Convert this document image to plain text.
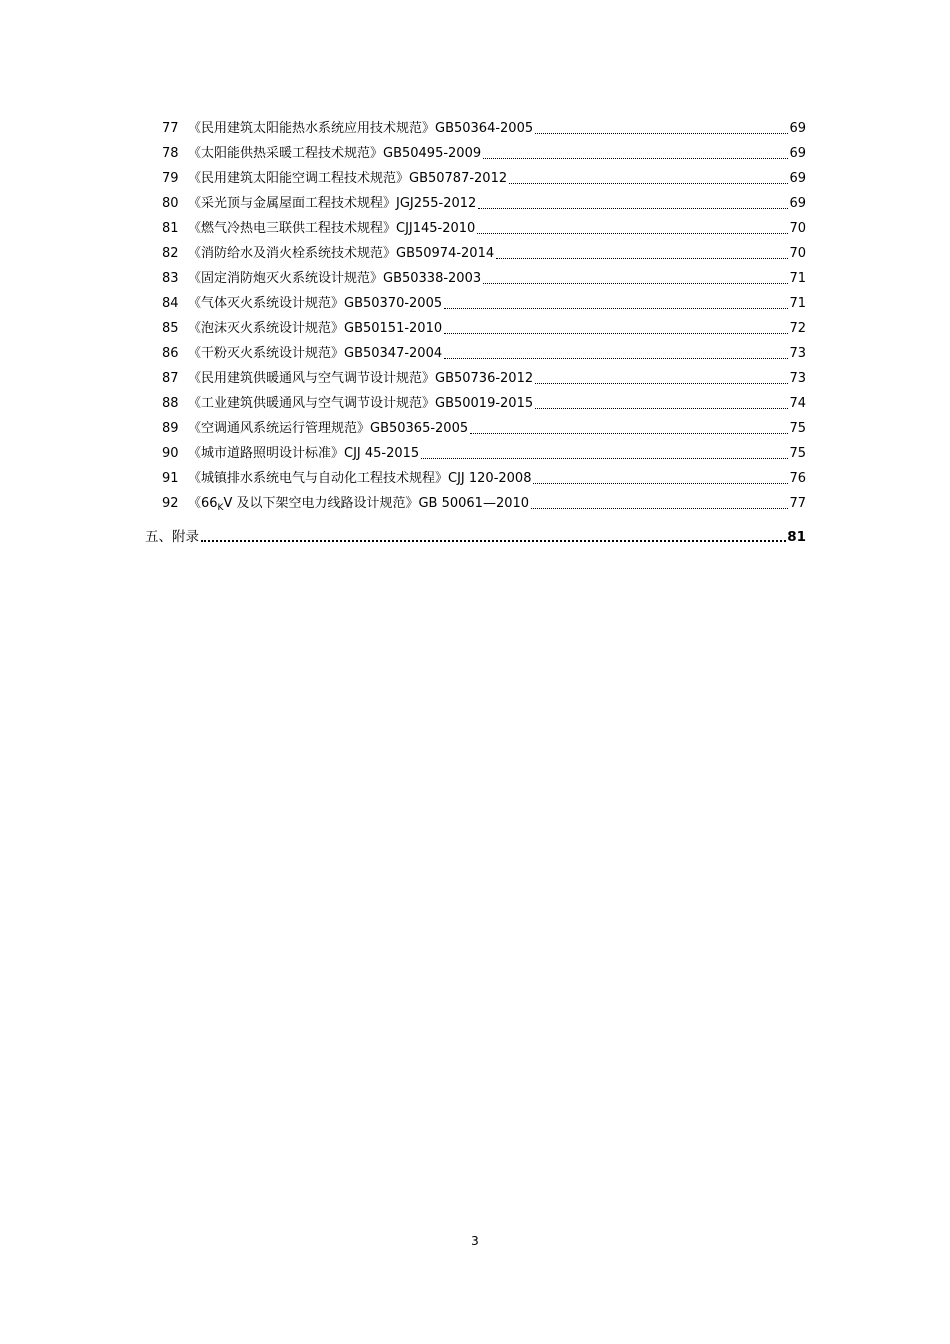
77 《民用建筑太阳能热水系统应用技术规范》GB50364-2005	69
78 《太阳能供热采暖工程技术规范》GB50495-2009	69
79 《民用建筑太阳能空调工程技术规范》GB50787-2012	69
80 《采光顶与金属屋面工程技术规程》JGJ255-2012	69
81 《燃气冷热电三联供工程技术规程》CJJ145-2010	70
82 《消防给水及消火栓系统技术规范》GB50974-2014	70
83 《固定消防炮灭火系统设计规范》GB50338-2003	71
84 《气体灭火系统设计规范》GB50370-2005	71
85 《泡沫灭火系统设计规范》GB50151-2010	72
86 《干粉灭火系统设计规范》GB50347-2004	73
87 《民用建筑供暖通风与空气调节设计规范》GB50736-2012	73
88 《工业建筑供暖通风与空气调节设计规范》GB50019-2015	74
89 《空调通风系统运行管理规范》GB50365-2005	75
90 《城市道路照明设计标准》CJJ 45-2015	75
91 《城镇排水系统电气与自动化工程技术规程》CJJ 120-2008	76
92 《$66_KV$ 及以下架空电力线路设计规范》GB 50061—2010	77
五、附录	81
3
